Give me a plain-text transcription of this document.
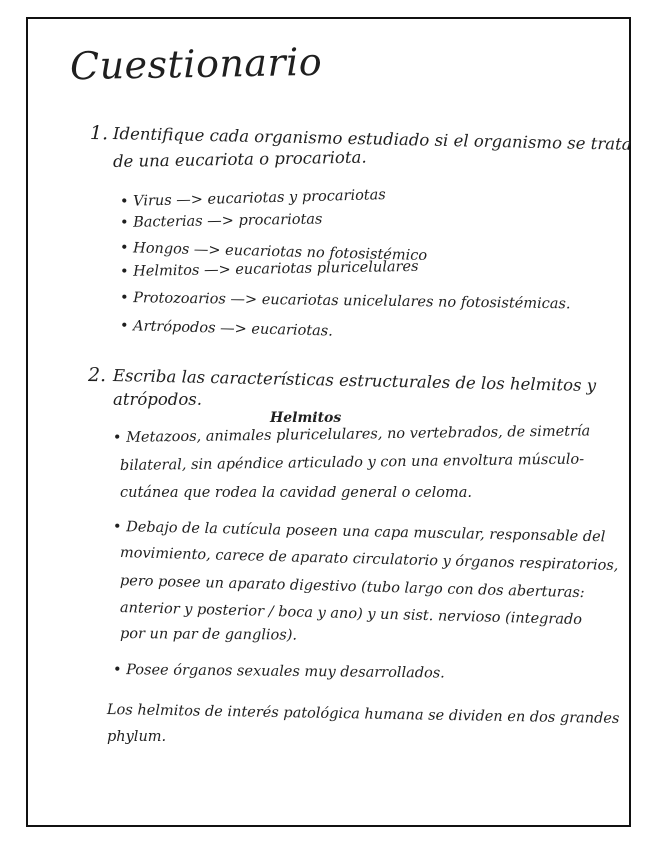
Cuestionario
1. Identifique cada organismo estudiado si el organismo se trata
de una eucariota o procariota.
• Virus —> eucariotas y procariotas
• Bacterias —> procariotas
• Hongos —> eucariotas no fotosistémico
• Helmitos —> eucariotas pluricelulares
• Protozoarios —> eucariotas unicelulares no fotosistémicas.
• Artrópodos —> eucariotas.
2. Escriba las características estructurales de los helmitos y
atrópodos.
Helmitos
• Metazoos, animales pluricelulares, no vertebrados, de simetría
bilateral, sin apéndice articulado y con una envoltura músculo-
cutánea que rodea la cavidad general o celoma.
• Debajo de la cutícula poseen una capa muscular, responsable del
movimiento, carece de aparato circulatorio y órganos respiratorios,
pero posee un aparato digestivo (tubo largo con dos aberturas:
anterior y posterior / boca y ano) y un sist. nervioso (integrado
por un par de ganglios).
• Posee órganos sexuales muy desarrollados.
Los helmitos de interés patológica humana se dividen en dos grandes
phylum.
